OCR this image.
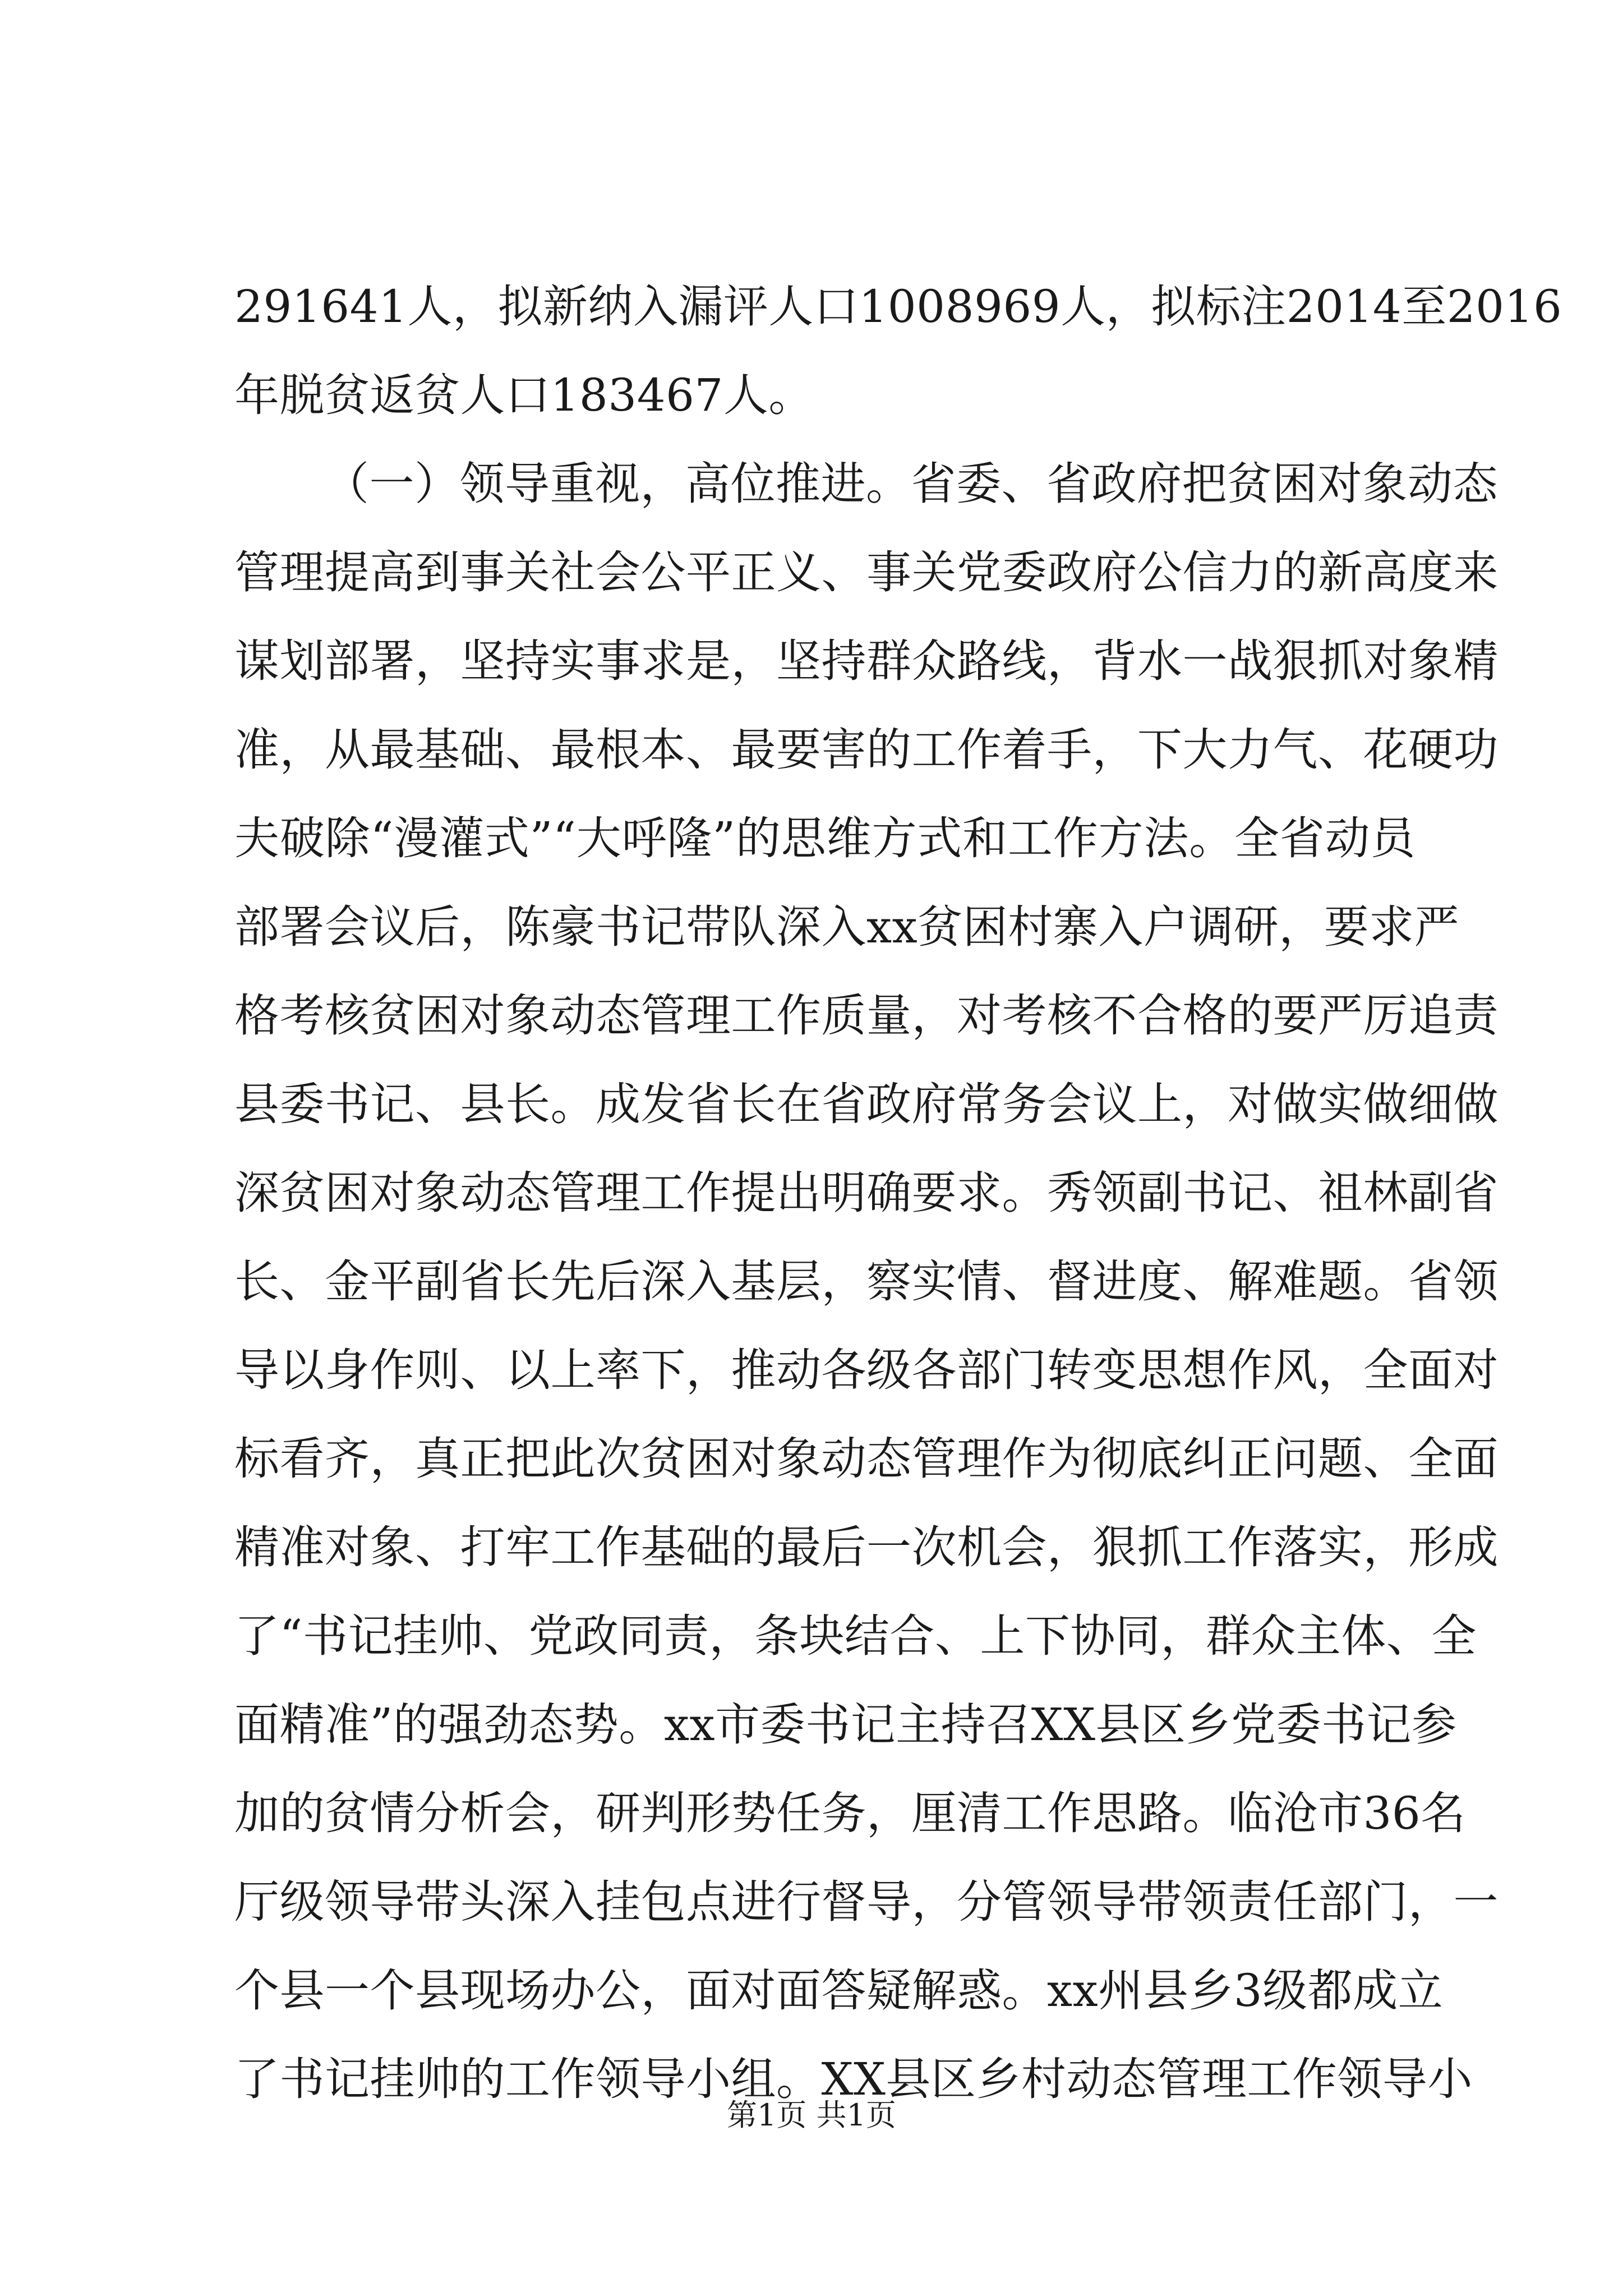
291641人，拟新纳入漏评人口1008969人，拟标注2014至2016
年脱贫返贫人口183467人。
（一）领导重视，高位推进。省委、省政府把贫困对象动态
管理提高到事关社会公平正义、事关党委政府公信力的新高度来
谋划部署，坚持实事求是，坚持群众路线，背水一战狠抓对象精
准，从最基础、最根本、最要害的工作着手，下大力气、花硬功
夫破除“漫灌式”“大呼隆”的思维方式和工作方法。全省动员
部署会议后，陈豪书记带队深入xx贫困村寨入户调研，要求严
格考核贫困对象动态管理工作质量，对考核不合格的要严厉追责
县委书记、县长。成发省长在省政府常务会议上，对做实做细做
深贫困对象动态管理工作提出明确要求。秀领副书记、祖林副省
长、金平副省长先后深入基层，察实情、督进度、解难题。省领
导以身作则、以上率下，推动各级各部门转变思想作风，全面对
标看齐，真正把此次贫困对象动态管理作为彻底纠正问题、全面
精准对象、打牢工作基础的最后一次机会，狠抓工作落实，形成
了“书记挂帅、党政同责，条块结合、上下协同，群众主体、全
面精准”的强劲态势。xx市委书记主持召XX县区乡党委书记参
加的贫情分析会，研判形势任务，厘清工作思路。临沧市36名
厅级领导带头深入挂包点进行督导，分管领导带领责任部门，一
个县一个县现场办公，面对面答疑解惑。xx州县乡3级都成立
了书记挂帅的工作领导小组。XX县区乡村动态管理工作领导小
第1页 共1页
